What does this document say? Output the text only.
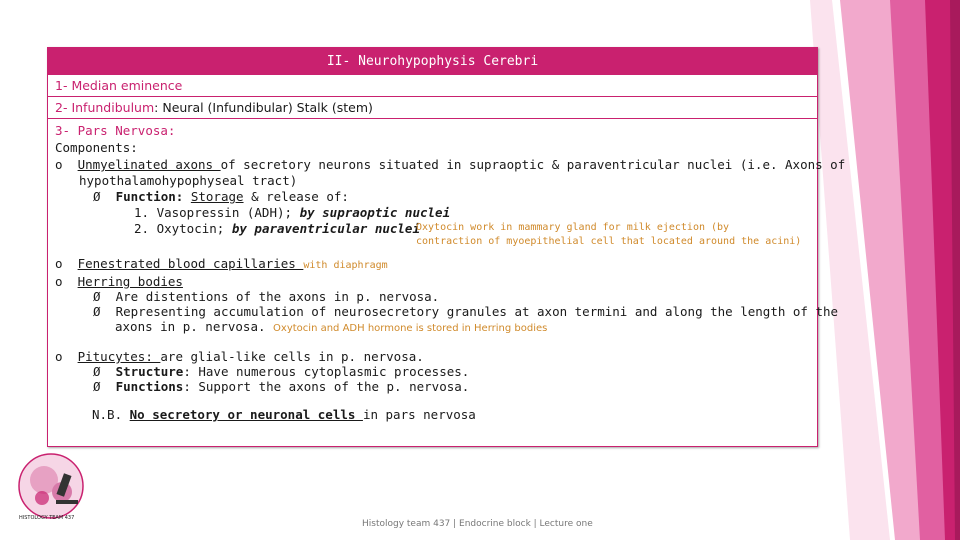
II- Neurohypophysis Cerebri
1- Median eminence
2- Infundibulum: Neural (Infundibular) Stalk (stem)
3- Pars Nervosa:
Components:
o Unmyelinated axons of secretory neurons situated in supraoptic & paraventricular nuclei (i.e. Axons of
hypothalamohypophyseal tract)
Ø Function: Storage & release of:
1. Vasopressin (ADH); by supraoptic nuclei
2. Oxytocin; by paraventricular nuclei
Oxytocin work in mammary gland for milk ejection (by
contraction of myoepithelial cell that located around the acini)
o Fenestrated blood capillaries with diaphragm
o Herring bodies
Ø Are distentions of the axons in p. nervosa.
Ø Representing accumulation of neurosecretory granules at axon termini and along the length of the
axons in p. nervosa. Oxytocin and ADH hormone is stored in Herring bodies
o Pitucytes: are glial-like cells in p. nervosa.
Ø Structure: Have numerous cytoplasmic processes.
Ø Functions: Support the axons of the p. nervosa.
N.B. No secretory or neuronal cells in pars nervosa
HISTOLOGY TEAM 437
Histology team 437 | Endocrine block | Lecture one
